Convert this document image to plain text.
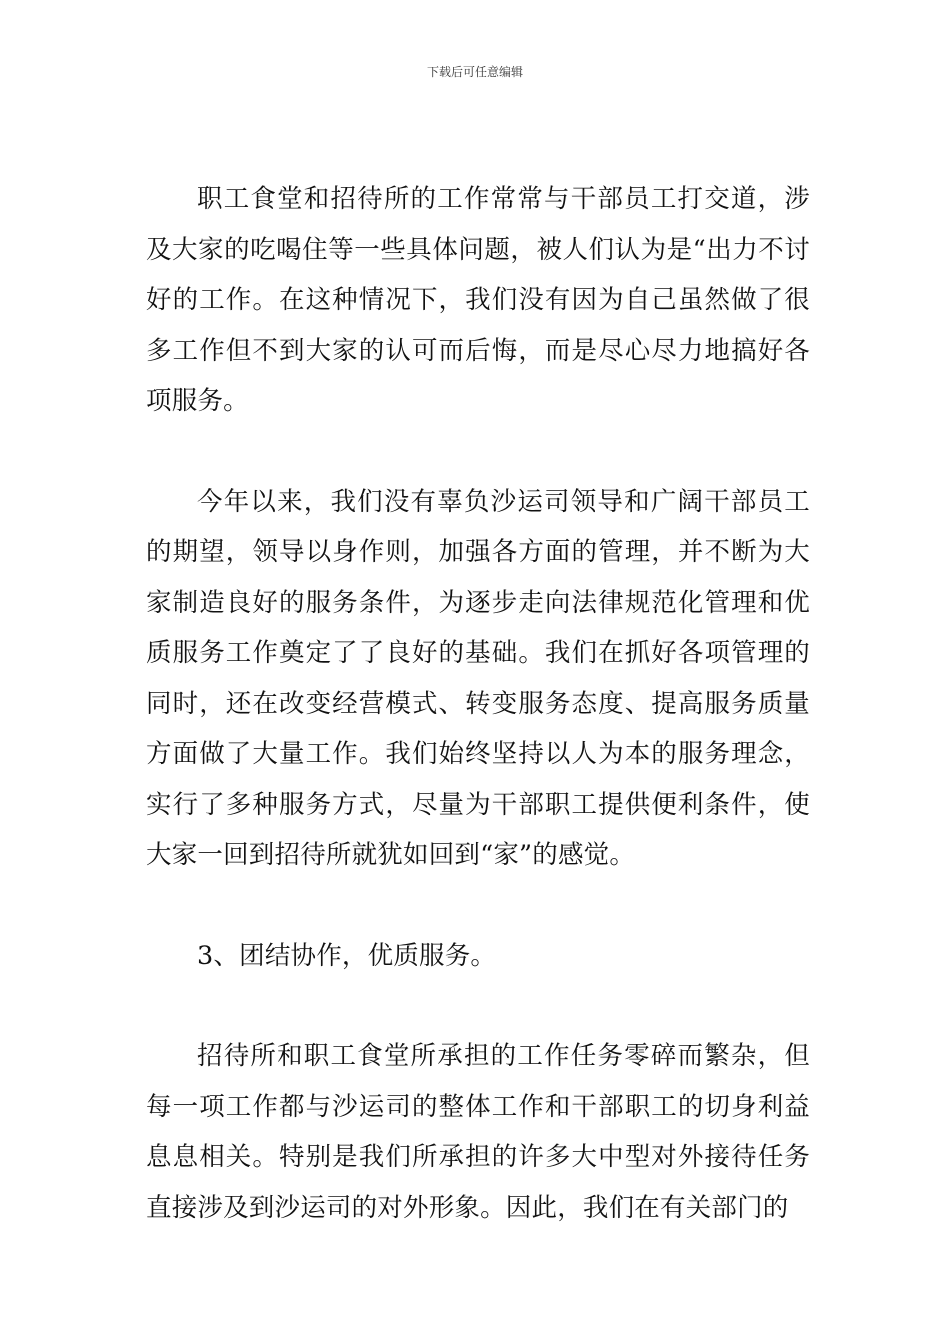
下载后可任意编辑

职工食堂和招待所的工作常常与干部员工打交道，涉及大家的吃喝住等一些具体问题，被人们认为是“出力不讨好的工作。在这种情况下，我们没有因为自己虽然做了很多工作但不到大家的认可而后悔，而是尽心尽力地搞好各项服务。

今年以来，我们没有辜负沙运司领导和广阔干部员工的期望，领导以身作则，加强各方面的管理，并不断为大家制造良好的服务条件，为逐步走向法律规范化管理和优质服务工作奠定了了良好的基础。我们在抓好各项管理的同时，还在改变经营模式、转变服务态度、提高服务质量方面做了大量工作。我们始终坚持以人为本的服务理念，实行了多种服务方式，尽量为干部职工提供便利条件，使大家一回到招待所就犹如回到“家”的感觉。

3、团结协作，优质服务。

招待所和职工食堂所承担的工作任务零碎而繁杂，但每一项工作都与沙运司的整体工作和干部职工的切身利益息息相关。特别是我们所承担的许多大中型对外接待任务直接涉及到沙运司的对外形象。因此，我们在有关部门的
